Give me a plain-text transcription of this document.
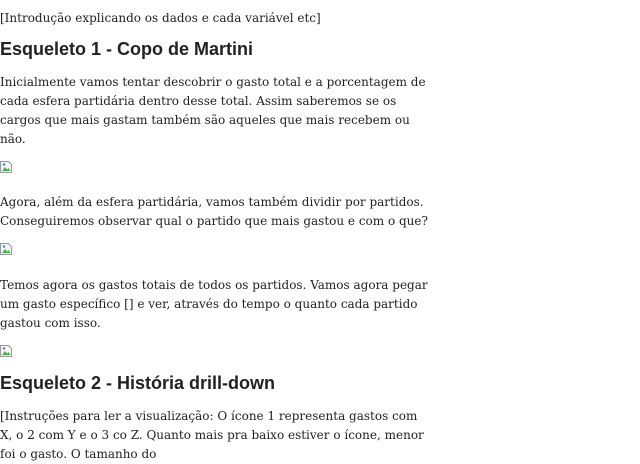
[Introdução explicando os dados e cada variável etc]

Esqueleto 1 - Copo de Martini

Inicialmente vamos tentar descobrir o gasto total e a porcentagem de cada esfera partidária dentro desse total. Assim saberemos se os cargos que mais gastam também são aqueles que mais recebem ou não.

Agora, além da esfera partidária, vamos também dividir por partidos. Conseguiremos observar qual o partido que mais gastou e com o que?

Temos agora os gastos totais de todos os partidos. Vamos agora pegar um gasto específico [] e ver, através do tempo o quanto cada partido gastou com isso.

Esqueleto 2 - História drill-down

[Instruções para ler a visualização: O ícone 1 representa gastos com X, o 2 com Y e o 3 co Z. Quanto mais pra baixo estiver o ícone, menor foi o gasto. O tamanho do
